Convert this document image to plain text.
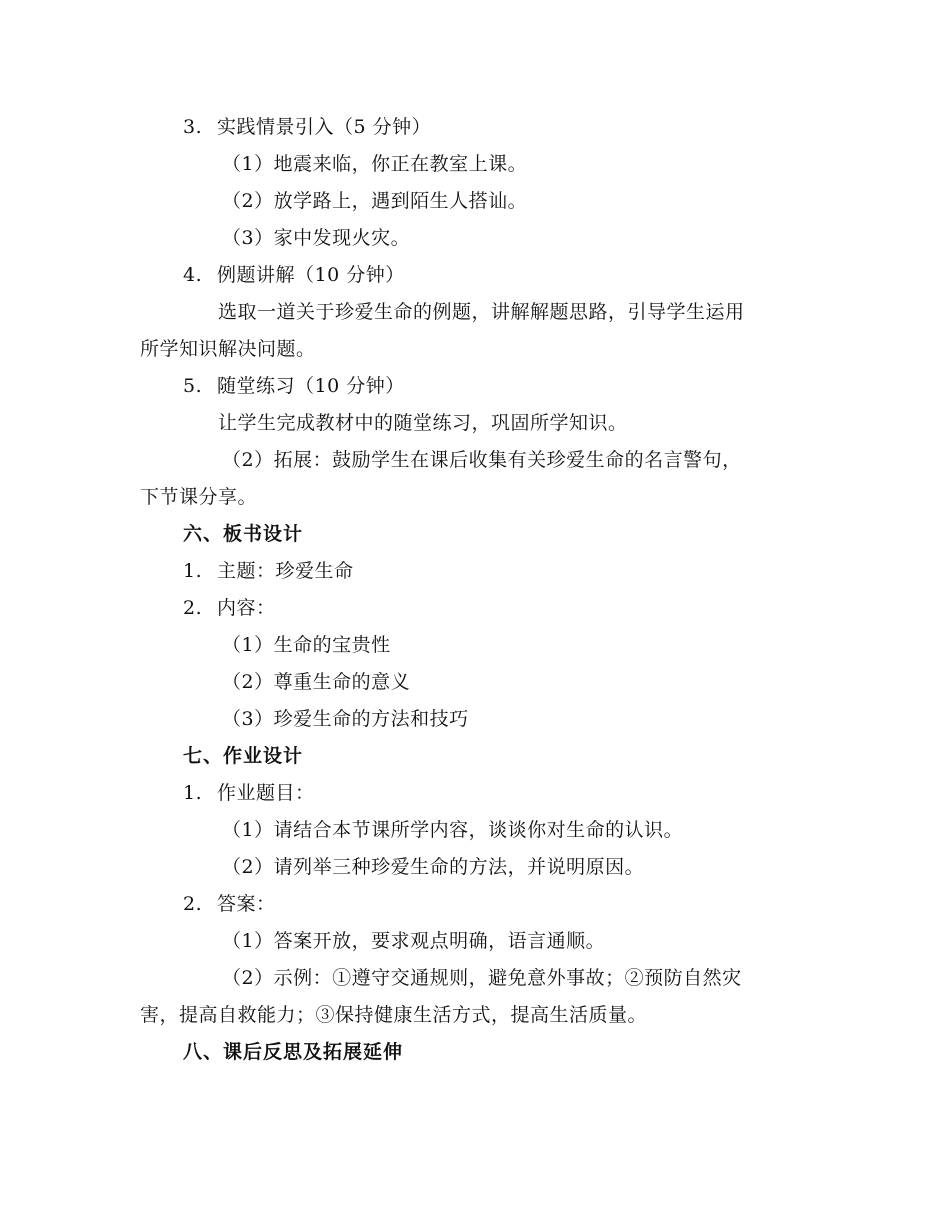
3. 实践情景引入（5 分钟）
（1）地震来临，你正在教室上课。
（2）放学路上，遇到陌生人搭讪。
（3）家中发现火灾。
4. 例题讲解（10 分钟）
选取一道关于珍爱生命的例题，讲解解题思路，引导学生运用
所学知识解决问题。
5. 随堂练习（10 分钟）
让学生完成教材中的随堂练习，巩固所学知识。
（2）拓展：鼓励学生在课后收集有关珍爱生命的名言警句，
下节课分享。
六、板书设计
1. 主题：珍爱生命
2. 内容：
（1）生命的宝贵性
（2）尊重生命的意义
（3）珍爱生命的方法和技巧
七、作业设计
1. 作业题目：
（1）请结合本节课所学内容，谈谈你对生命的认识。
（2）请列举三种珍爱生命的方法，并说明原因。
2. 答案：
（1）答案开放，要求观点明确，语言通顺。
（2）示例：①遵守交通规则，避免意外事故；②预防自然灾
害，提高自救能力；③保持健康生活方式，提高生活质量。
八、课后反思及拓展延伸
